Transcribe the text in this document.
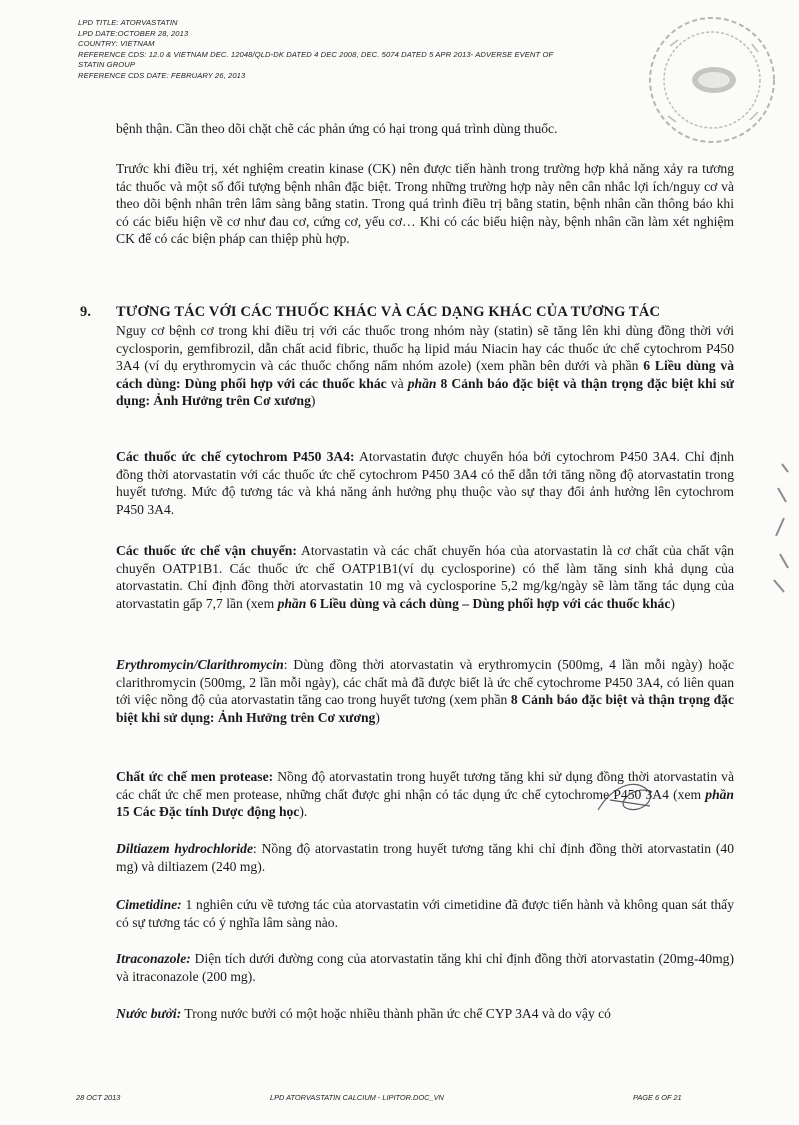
LPD TITLE: ATORVASTATIN
LPD DATE:OCTOBER 28, 2013
COUNTRY: VIETNAM
REFERENCE CDS: 12.0 & VIETNAM DEC. 12048/QLD-DK DATED 4 DEC 2008, DEC. 5074 DATED 5 APR 2013- ADVERSE EVENT OF
STATIN GROUP
REFERENCE CDS DATE: FEBRUARY 26, 2013

bệnh thận. Cần theo dõi chặt chẽ các phản ứng có hại trong quá trình dùng thuốc.

Trước khi điều trị, xét nghiệm creatin kinase (CK) nên được tiến hành trong trường hợp khả năng xảy ra tương tác thuốc và một số đối tượng bệnh nhân đặc biệt. Trong những trường hợp này nên cân nhắc lợi ích/nguy cơ và theo dõi bệnh nhân trên lâm sàng bằng statin. Trong quá trình điều trị bằng statin, bệnh nhân cần thông báo khi có các biểu hiện về cơ như đau cơ, cứng cơ, yếu cơ… Khi có các biểu hiện này, bệnh nhân cần làm xét nghiệm CK để có các biện pháp can thiệp phù hợp.

9. TƯƠNG TÁC VỚI CÁC THUỐC KHÁC VÀ CÁC DẠNG KHÁC CỦA TƯƠNG TÁC

Nguy cơ bệnh cơ trong khi điều trị với các thuốc trong nhóm này (statin) sẽ tăng lên khi dùng đồng thời với cyclosporin, gemfibrozil, dẫn chất acid fibric, thuốc hạ lipid máu Niacin hay các thuốc ức chế cytochrom P450 3A4 (ví dụ erythromycin và các thuốc chống nấm nhóm azole) (xem phần bên dưới và phần 6 Liều dùng và cách dùng: Dùng phối hợp với các thuốc khác và phần 8 Cảnh báo đặc biệt và thận trọng đặc biệt khi sử dụng: Ảnh Hưởng trên Cơ xương)

Các thuốc ức chế cytochrom P450 3A4: Atorvastatin được chuyển hóa bởi cytochrom P450 3A4. Chỉ định đồng thời atorvastatin với các thuốc ức chế cytochrom P450 3A4 có thể dẫn tới tăng nồng độ atorvastatin trong huyết tương. Mức độ tương tác và khả năng ảnh hưởng phụ thuộc vào sự thay đổi ảnh hưởng lên cytochrom P450 3A4.

Các thuốc ức chế vận chuyển: Atorvastatin và các chất chuyển hóa của atorvastatin là cơ chất của chất vận chuyển OATP1B1. Các thuốc ức chế OATP1B1(ví dụ cyclosporine) có thể làm tăng sinh khả dụng của atorvastatin. Chỉ định đồng thời atorvastatin 10 mg và cyclosporine 5,2 mg/kg/ngày sẽ làm tăng tác dụng của atorvastatin gấp 7,7 lần (xem phần 6 Liều dùng và cách dùng – Dùng phối hợp với các thuốc khác)

Erythromycin/Clarithromycin: Dùng đồng thời atorvastatin và erythromycin (500mg, 4 lần mỗi ngày) hoặc clarithromycin (500mg, 2 lần mỗi ngày), các chất mà đã được biết là ức chế cytochrome P450 3A4, có liên quan tới việc nồng độ của atorvastatin tăng cao trong huyết tương (xem phần 8 Cảnh báo đặc biệt và thận trọng đặc biệt khi sử dụng: Ảnh Hưởng trên Cơ xương)

Chất ức chế men protease: Nồng độ atorvastatin trong huyết tương tăng khi sử dụng đồng thời atorvastatin và các chất ức chế men protease, những chất được ghi nhận có tác dụng ức chế cytochrome P450 3A4 (xem phần 15 Các Đặc tính Dược động học).

Diltiazem hydrochloride: Nồng độ atorvastatin trong huyết tương tăng khi chỉ định đồng thời atorvastatin (40 mg) và diltiazem (240 mg).

Cimetidine: 1 nghiên cứu về tương tác của atorvastatin với cimetidine đã được tiến hành và không quan sát thấy có sự tương tác có ý nghĩa lâm sàng nào.

Itraconazole: Diện tích dưới đường cong của atorvastatin tăng khi chỉ định đồng thời atorvastatin (20mg-40mg) và itraconazole (200 mg).

Nước bưởi: Trong nước bưởi có một hoặc nhiều thành phần ức chế CYP 3A4 và do vậy có

28 OCT 2013	LPD ATORVASTATIN CALCIUM - LIPITOR.DOC_VN	PAGE 6 OF 21
